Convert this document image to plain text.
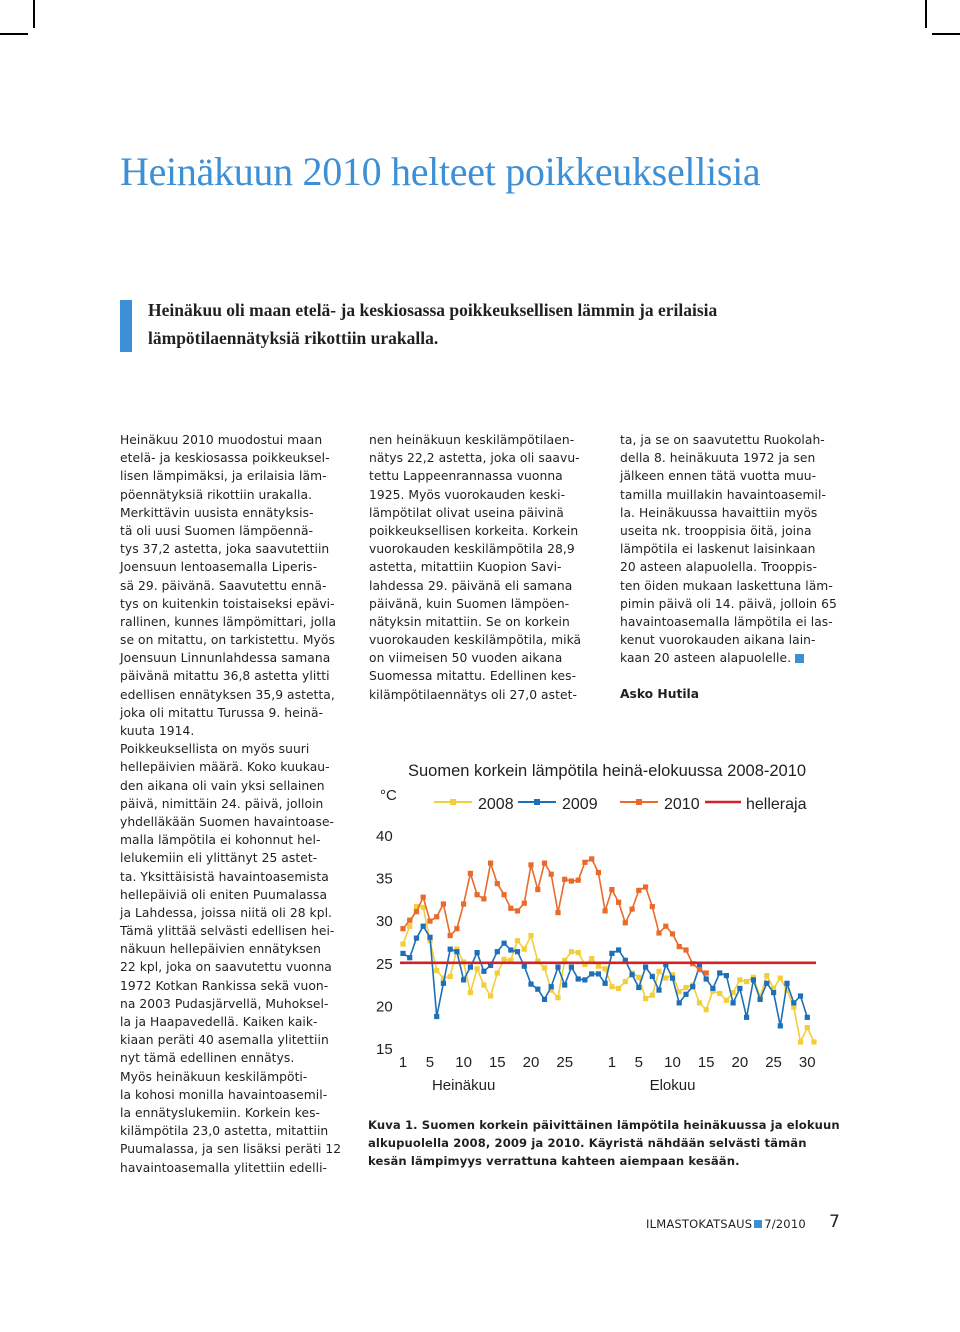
Heinäkuun 2010 helteet poikkeuksellisia
Heinäkuu oli maan etelä- ja keskiosassa poikkeuksellisen lämmin ja erilaisia
lämpötilaennätyksiä rikottiin urakalla.
Heinäkuu 2010 muodostui maan
etelä- ja keskiosassa poikkeuksel-
lisen lämpimäksi, ja erilaisia läm-
pöennätyksiä rikottiin urakalla.
Merkittävin uusista ennätyksis-
tä oli uusi Suomen lämpöennä-
tys 37,2 astetta, joka saavutettiin
Joensuun lentoasemalla Liperis-
sä 29. päivänä. Saavutettu ennä-
tys on kuitenkin toistaiseksi epävi-
rallinen, kunnes lämpömittari, jolla
se on mitattu, on tarkistettu. Myös
Joensuun Linnunlahdessa samana
päivänä mitattu 36,8 astetta ylitti
edellisen ennätyksen 35,9 astetta,
joka oli mitattu Turussa 9. heinä-
kuuta 1914.
Poikkeuksellista on myös suuri
hellepäivien määrä. Koko kuukau-
den aikana oli vain yksi sellainen
päivä, nimittäin 24. päivä, jolloin
yhdelläkään Suomen havaintoase-
malla lämpötila ei kohonnut hel-
lelukemiin eli ylittänyt 25 astet-
ta. Yksittäisistä havaintoasemista
hellepäiviä oli eniten Puumalassa
ja Lahdessa, joissa niitä oli 28 kpl.
Tämä ylittää selvästi edellisen hei-
näkuun hellepäivien ennätyksen
22 kpl, joka on saavutettu vuonna
1972 Kotkan Rankissa sekä vuon-
na 2003 Pudasjärvellä, Muhoksel-
la ja Haapavedellä. Kaiken kaik-
kiaan peräti 40 asemalla ylitettiin
nyt tämä edellinen ennätys.
Myös heinäkuun keskilämpöti-
la kohosi monilla havaintoasemil-
la ennätyslukemiin. Korkein kes-
kilämpötila 23,0 astetta, mitattiin
Puumalassa, ja sen lisäksi peräti 12
havaintoasemalla ylitettiin edelli-
nen heinäkuun keskilämpötilaen-
nätys 22,2 astetta, joka oli saavu-
tettu Lappeenrannassa vuonna
1925. Myös vuorokauden keski-
lämpötilat olivat useina päivinä
poikkeuksellisen korkeita. Korkein
vuorokauden keskilämpötila 28,9
astetta, mitattiin Kuopion Savi-
lahdessa 29. päivänä eli samana
päivänä, kuin Suomen lämpöen-
nätyksin mitattiin. Se on korkein
vuorokauden keskilämpötila, mikä
on viimeisen 50 vuoden aikana
Suomessa mitattu. Edellinen kes-
kilämpötilaennätys oli 27,0 astet-
ta, ja se on saavutettu Ruokolah-
della 8. heinäkuuta 1972 ja sen
jälkeen ennen tätä vuotta muu-
tamilla muillakin havaintoasemil-
la. Heinäkuussa havaittiin myös
useita nk. trooppisia öitä, joina
lämpötila ei laskenut laisinkaan
20 asteen alapuolella. Trooppis-
ten öiden mukaan laskettuna läm-
pimin päivä oli 14. päivä, jolloin 65
havaintoasemalla lämpötila ei las-
kenut vuorokauden aikana lain-
kaan 20 asteen alapuolelle.
Asko Hutila
Suomen korkein lämpötila heinä-elokuussa 2008-2010
°C
15
20
25
30
35
40
2008	2009	2010	helleraja
1 5 10 15 20 25 1 5 10 15 20 25 30
Heinäkuu	Elokuu
Kuva 1. Suomen korkein päivittäinen lämpötila heinäkuussa ja elokuun
alkupuolella 2008, 2009 ja 2010. Käyristä nähdään selvästi tämän
kesän lämpimyys verrattuna kahteen aiempaan kesään.
ILMASTOKATSAUS 7/2010 7
